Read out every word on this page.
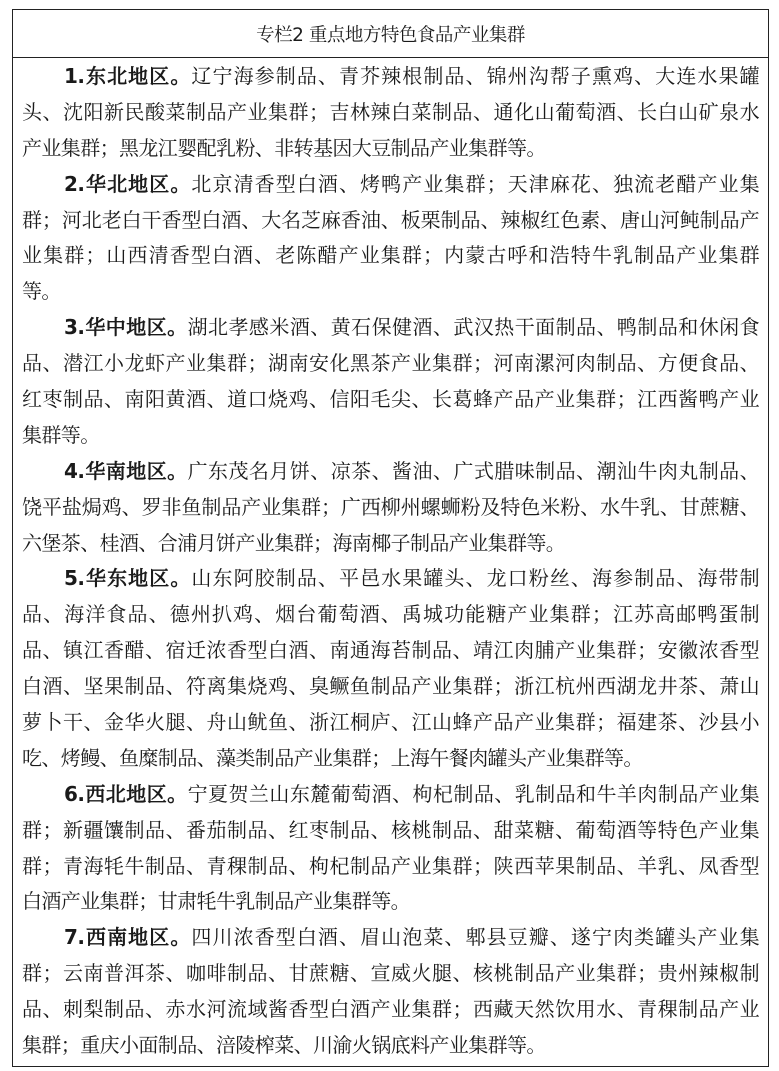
专栏2 重点地方特色食品产业集群
1.东北地区。辽宁海参制品、青芥辣根制品、锦州沟帮子熏鸡、大连水果罐
头、沈阳新民酸菜制品产业集群；吉林辣白菜制品、通化山葡萄酒、长白山矿泉水
产业集群；黑龙江婴配乳粉、非转基因大豆制品产业集群等。
2.华北地区。北京清香型白酒、烤鸭产业集群；天津麻花、独流老醋产业集
群；河北老白干香型白酒、大名芝麻香油、板栗制品、辣椒红色素、唐山河鲀制品产
业集群；山西清香型白酒、老陈醋产业集群；内蒙古呼和浩特牛乳制品产业集群
等。
3.华中地区。湖北孝感米酒、黄石保健酒、武汉热干面制品、鸭制品和休闲食
品、潜江小龙虾产业集群；湖南安化黑茶产业集群；河南漯河肉制品、方便食品、
红枣制品、南阳黄酒、道口烧鸡、信阳毛尖、长葛蜂产品产业集群；江西酱鸭产业
集群等。
4.华南地区。广东茂名月饼、凉茶、酱油、广式腊味制品、潮汕牛肉丸制品、
饶平盐焗鸡、罗非鱼制品产业集群；广西柳州螺蛳粉及特色米粉、水牛乳、甘蔗糖、
六堡茶、桂酒、合浦月饼产业集群；海南椰子制品产业集群等。
5.华东地区。山东阿胶制品、平邑水果罐头、龙口粉丝、海参制品、海带制
品、海洋食品、德州扒鸡、烟台葡萄酒、禹城功能糖产业集群；江苏高邮鸭蛋制
品、镇江香醋、宿迁浓香型白酒、南通海苔制品、靖江肉脯产业集群；安徽浓香型
白酒、坚果制品、符离集烧鸡、臭鳜鱼制品产业集群；浙江杭州西湖龙井茶、萧山
萝卜干、金华火腿、舟山鱿鱼、浙江桐庐、江山蜂产品产业集群；福建茶、沙县小
吃、烤鳗、鱼糜制品、藻类制品产业集群；上海午餐肉罐头产业集群等。
6.西北地区。宁夏贺兰山东麓葡萄酒、枸杞制品、乳制品和牛羊肉制品产业集
群；新疆馕制品、番茄制品、红枣制品、核桃制品、甜菜糖、葡萄酒等特色产业集
群；青海牦牛制品、青稞制品、枸杞制品产业集群；陕西苹果制品、羊乳、凤香型
白酒产业集群；甘肃牦牛乳制品产业集群等。
7.西南地区。四川浓香型白酒、眉山泡菜、郫县豆瓣、遂宁肉类罐头产业集
群；云南普洱茶、咖啡制品、甘蔗糖、宣威火腿、核桃制品产业集群；贵州辣椒制
品、刺梨制品、赤水河流域酱香型白酒产业集群；西藏天然饮用水、青稞制品产业
集群；重庆小面制品、涪陵榨菜、川渝火锅底料产业集群等。
